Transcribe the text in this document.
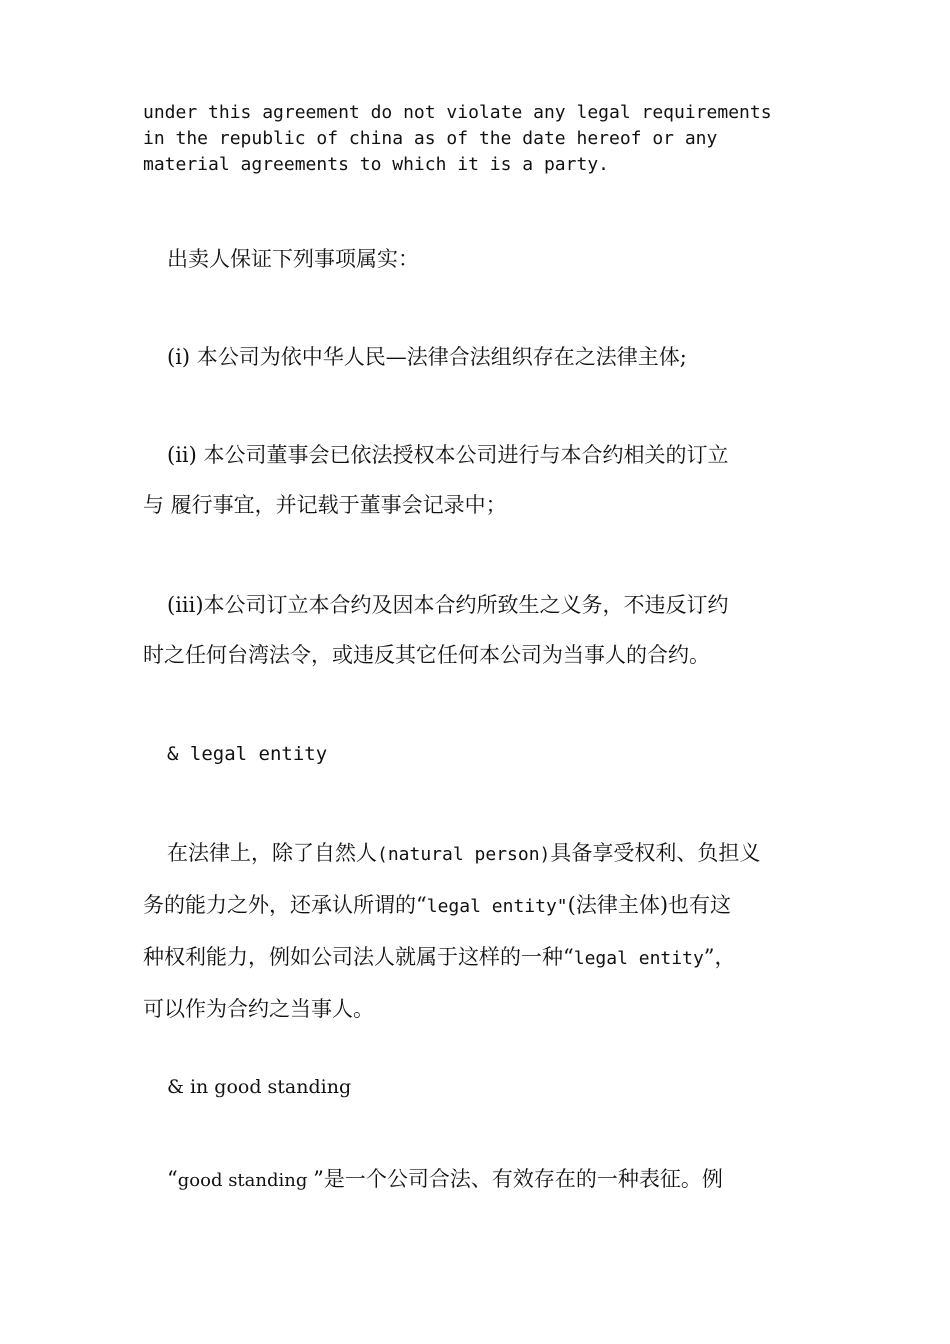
under this agreement do not violate any legal requirements
in the republic of china as of the date hereof or any
material agreements to which it is a party.
出卖人保证下列事项属实：
(i) 本公司为依中华人民—法律合法组织存在之法律主体;
(ii) 本公司董事会已依法授权本公司进行与本合约相关的订立
与 履行事宜，并记载于董事会记录中；
(iii)本公司订立本合约及因本合约所致生之义务，不违反订约
时之任何台湾法令，或违反其它任何本公司为当事人的合约。
& legal entity
在法律上，除了自然人(natural person)具备享受权利、负担义
务的能力之外，还承认所谓的“legal entity"(法律主体)也有这
种权利能力，例如公司法人就属于这样的一种“legal entity”，
可以作为合约之当事人。
& in good standing
“good standing ”是一个公司合法、有效存在的一种表征。例
